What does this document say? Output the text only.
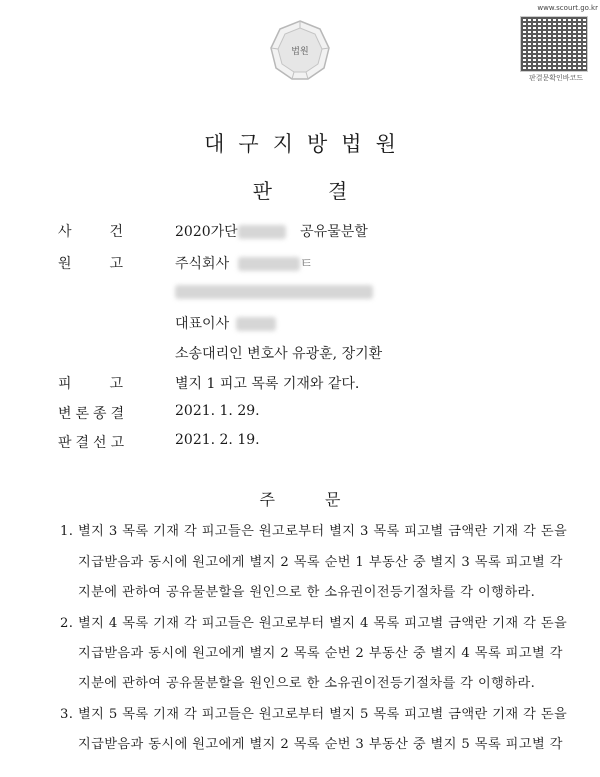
법원
www.scourt.go.kr
판결문확인바코드
대구지방법원
판결
사건 2020가단	공유물분할
원고 주식회사	ㅌ
대표이사
소송대리인 변호사 유광훈, 장기환
피고 별지 1 피고 목록 기재와 같다.
변론종결	2021. 1. 29.
판결선고	2021. 2. 19.
주문
1. 별지 3 목록 기재 각 피고들은 원고로부터 별지 3 목록 피고별 금액란 기재 각 돈을
지급받음과 동시에 원고에게 별지 2 목록 순번 1 부동산 중 별지 3 목록 피고별 각
지분에 관하여 공유물분할을 원인으로 한 소유권이전등기절차를 각 이행하라.
2. 별지 4 목록 기재 각 피고들은 원고로부터 별지 4 목록 피고별 금액란 기재 각 돈을
지급받음과 동시에 원고에게 별지 2 목록 순번 2 부동산 중 별지 4 목록 피고별 각
지분에 관하여 공유물분할을 원인으로 한 소유권이전등기절차를 각 이행하라.
3. 별지 5 목록 기재 각 피고들은 원고로부터 별지 5 목록 피고별 금액란 기재 각 돈을
지급받음과 동시에 원고에게 별지 2 목록 순번 3 부동산 중 별지 5 목록 피고별 각
